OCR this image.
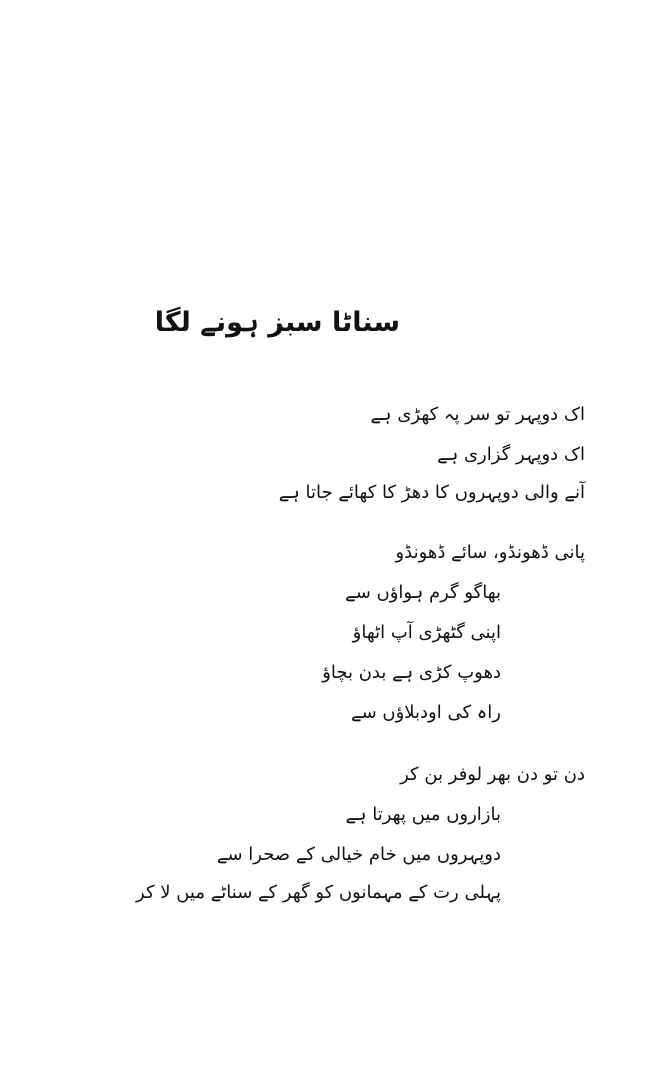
سناٹا سبز ہونے لگا
اک دوپہر تو سر پہ کھڑی ہے
اک دوپہر گزاری ہے
آنے والی دوپہروں کا دھڑ کا کھائے جاتا ہے
پانی ڈھونڈو، سائے ڈھونڈو
بھاگو گرم ہواؤں سے
اپنی گٹھڑی آپ اٹھاؤ
دھوپ کڑی ہے بدن بچاؤ
راہ کی اودبلاؤں سے
دن تو دن بھر لوفر بن کر
بازاروں میں پھرتا ہے
دوپہروں میں خام خیالی کے صحرا سے
پہلی رت کے مہمانوں کو گھر کے سناٹے میں لا کر
